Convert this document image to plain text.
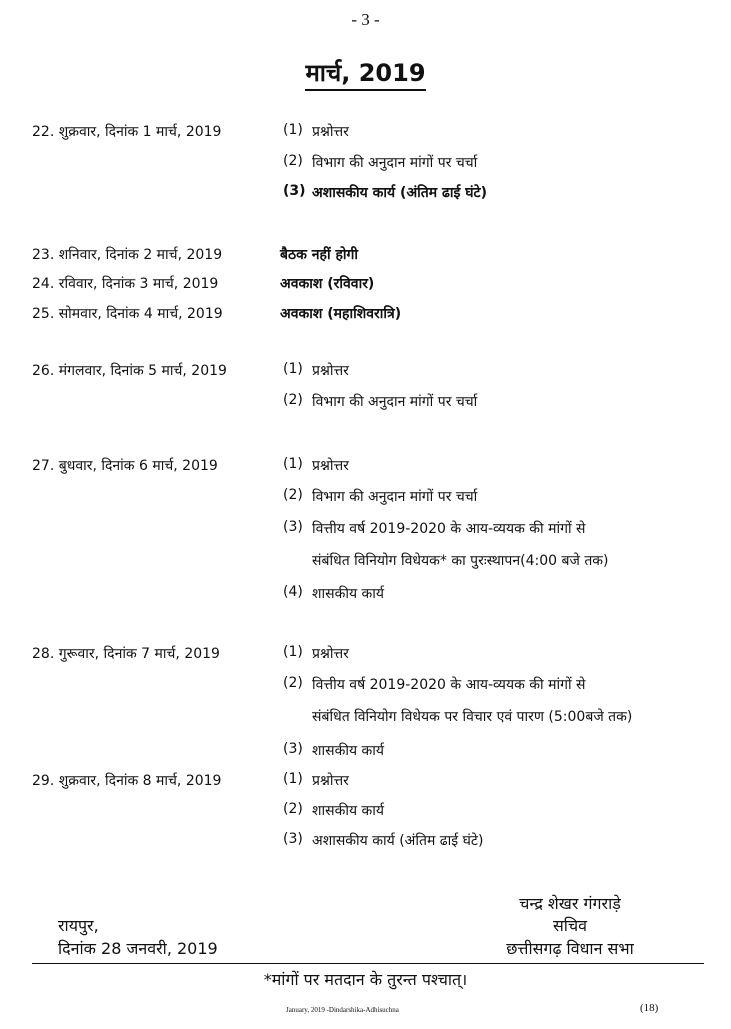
- 3 -
मार्च, 2019
22. शुक्रवार, दिनांक 1 मार्च, 2019	(1) प्रश्नोत्तर
(2) विभाग की अनुदान मांगों पर चर्चा
(3) अशासकीय कार्य (अंतिम ढाई घंटे)
23. शनिवार, दिनांक 2 मार्च, 2019	बैठक नहीं होगी
24. रविवार, दिनांक 3 मार्च, 2019	अवकाश (रविवार)
25. सोमवार, दिनांक 4 मार्च, 2019	अवकाश (महाशिवरात्रि)
26. मंगलवार, दिनांक 5 मार्च, 2019	(1) प्रश्नोत्तर
(2) विभाग की अनुदान मांगों पर चर्चा
27. बुधवार, दिनांक 6 मार्च, 2019	(1) प्रश्नोत्तर
(2) विभाग की अनुदान मांगों पर चर्चा
(3) वित्तीय वर्ष 2019-2020 के आय-व्ययक की मांगों से
संबंधित विनियोग विधेयक* का पुरःस्थापन(4:00 बजे तक)
(4) शासकीय कार्य
28. गुरूवार, दिनांक 7 मार्च, 2019	(1) प्रश्नोत्तर
(2) वित्तीय वर्ष 2019-2020 के आय-व्ययक की मांगों से
संबंधित विनियोग विधेयक पर विचार एवं पारण (5:00बजे तक)
(3) शासकीय कार्य
29. शुक्रवार, दिनांक 8 मार्च, 2019	(1) प्रश्नोत्तर
(2) शासकीय कार्य
(3) अशासकीय कार्य (अंतिम ढाई घंटे)
चन्द्र शेखर गंगराड़े
सचिव
छत्तीसगढ़ विधान सभा
रायपुर,
दिनांक 28 जनवरी, 2019
*मांगों पर मतदान के तुरन्त पश्चात्।
January, 2019 -Dindarshika-Adhisuchna	(18)
